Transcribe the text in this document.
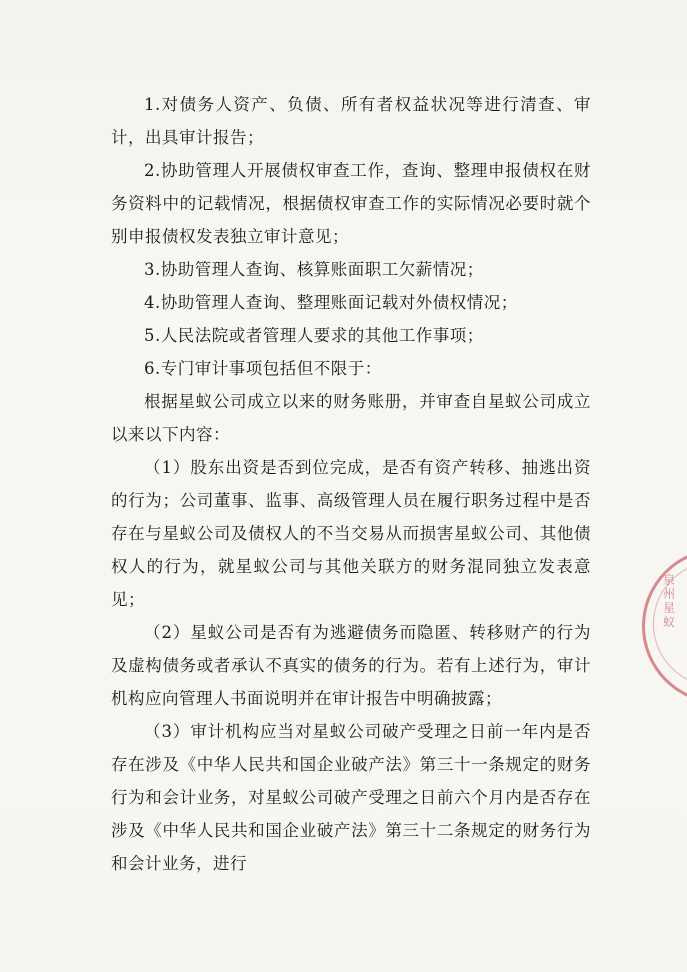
1.对债务人资产、负债、所有者权益状况等进行清查、审计，出具审计报告；

2.协助管理人开展债权审查工作，查询、整理申报债权在财务资料中的记载情况，根据债权审查工作的实际情况必要时就个别申报债权发表独立审计意见；

3.协助管理人查询、核算账面职工欠薪情况；

4.协助管理人查询、整理账面记载对外债权情况；

5.人民法院或者管理人要求的其他工作事项；

6.专门审计事项包括但不限于：

根据星蚁公司成立以来的财务账册，并审查自星蚁公司成立以来以下内容：

（1）股东出资是否到位完成，是否有资产转移、抽逃出资的行为；公司董事、监事、高级管理人员在履行职务过程中是否存在与星蚁公司及债权人的不当交易从而损害星蚁公司、其他债权人的行为，就星蚁公司与其他关联方的财务混同独立发表意见；

（2）星蚁公司是否有为逃避债务而隐匿、转移财产的行为及虚构债务或者承认不真实的债务的行为。若有上述行为，审计机构应向管理人书面说明并在审计报告中明确披露；

（3）审计机构应当对星蚁公司破产受理之日前一年内是否存在涉及《中华人民共和国企业破产法》第三十一条规定的财务行为和会计业务，对星蚁公司破产受理之日前六个月内是否存在涉及《中华人民共和国企业破产法》第三十二条规定的财务行为和会计业务，进行

泉州星蚁
